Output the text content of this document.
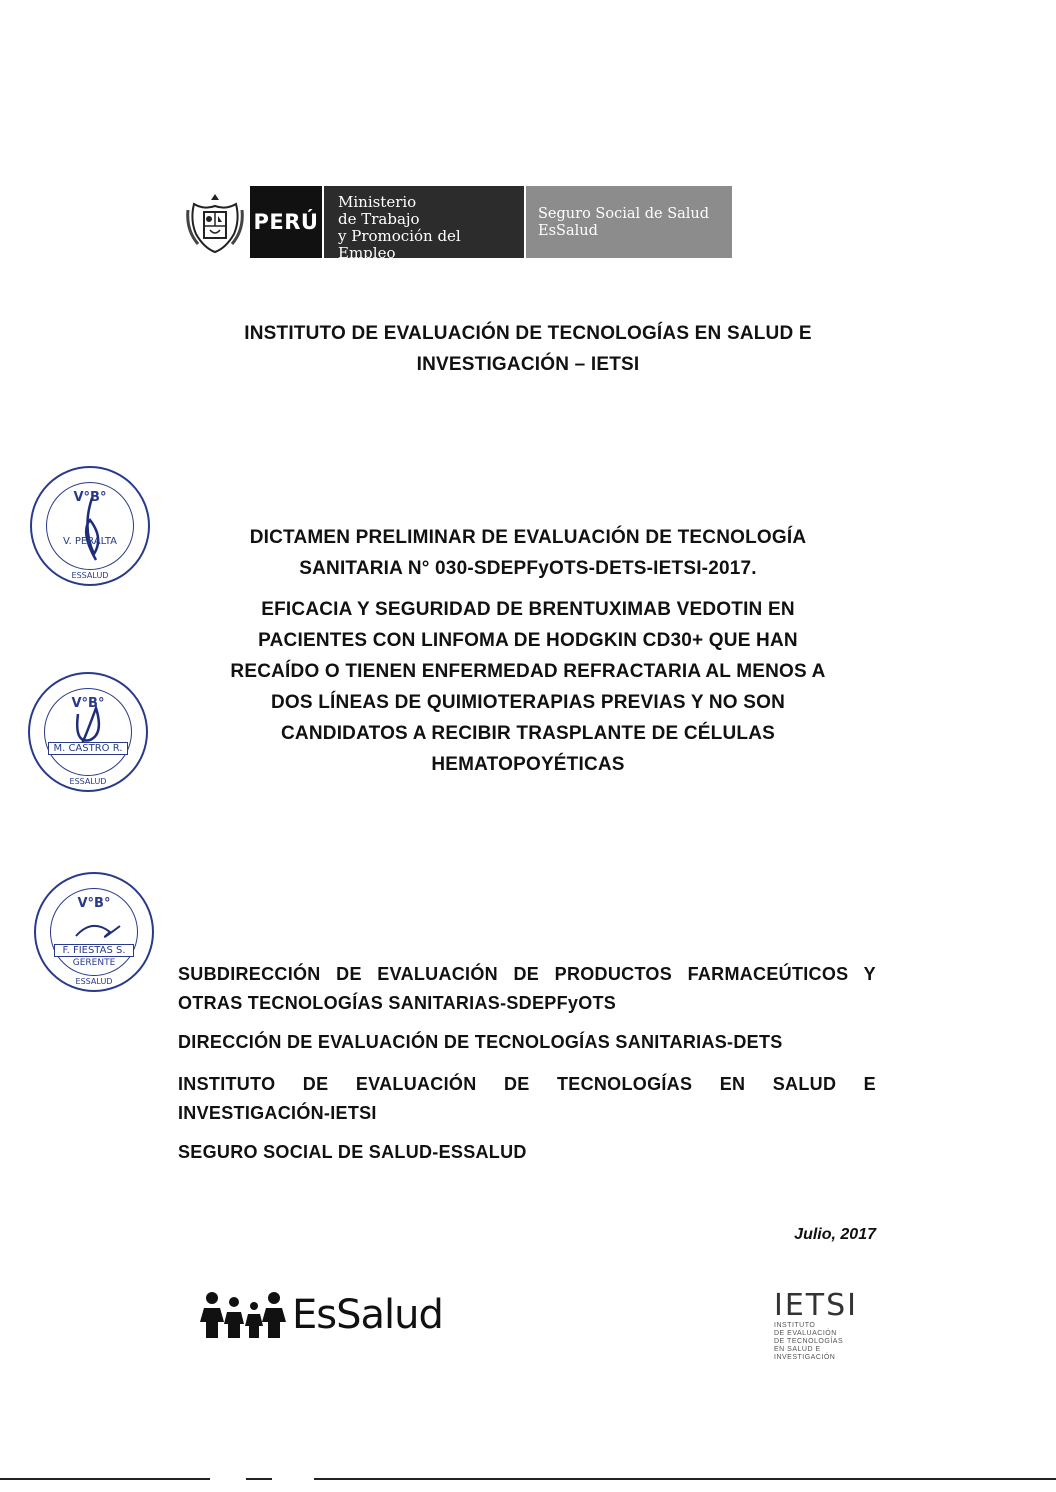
PERÚ
Ministerio
de Trabajo
y Promoción del Empleo
Seguro Social de Salud
EsSalud
INSTITUTO DE EVALUACIÓN DE TECNOLOGÍAS EN SALUD E
INVESTIGACIÓN – IETSI
DICTAMEN PRELIMINAR DE EVALUACIÓN DE TECNOLOGÍA
SANITARIA N° 030-SDEPFyOTS-DETS-IETSI-2017.
EFICACIA Y SEGURIDAD DE BRENTUXIMAB VEDOTIN EN
PACIENTES CON LINFOMA DE HODGKIN CD30+ QUE HAN
RECAÍDO O TIENEN ENFERMEDAD REFRACTARIA AL MENOS A
DOS LÍNEAS DE QUIMIOTERAPIAS PREVIAS Y NO SON
CANDIDATOS A RECIBIR TRASPLANTE DE CÉLULAS
HEMATOPOYÉTICAS
V°B°
V. PERALTA
ESSALUD
V°B°
M. CASTRO R.
ESSALUD
V°B°
F. FIESTAS S.
GERENTE
ESSALUD	SUBDIRECCIÓN DE EVALUACIÓN DE PRODUCTOS FARMACEÚTICOS Y
OTRAS TECNOLOGÍAS SANITARIAS-SDEPFyOTS
DIRECCIÓN DE EVALUACIÓN DE TECNOLOGÍAS SANITARIAS-DETS
INSTITUTO DE EVALUACIÓN DE TECNOLOGÍAS EN SALUD E
INVESTIGACIÓN-IETSI
SEGURO SOCIAL DE SALUD-ESSALUD
Julio, 2017
EsSalud	IETSI
INSTITUTO
DE EVALUACIÓN
DE TECNOLOGÍAS
EN SALUD E
INVESTIGACIÓN
